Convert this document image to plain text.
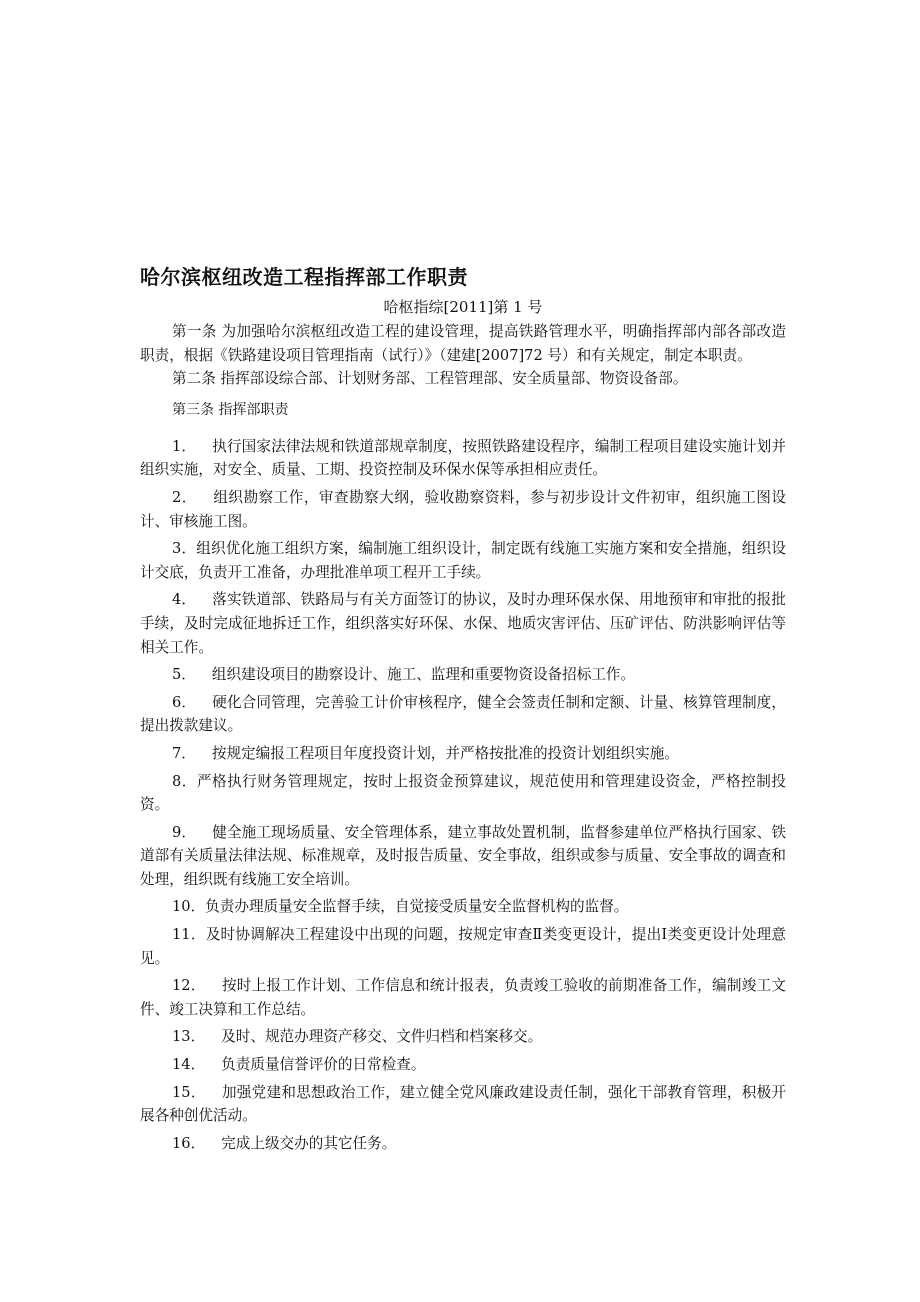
哈尔滨枢纽改造工程指挥部工作职责
哈枢指综[2011]第 1 号

第一条 为加强哈尔滨枢纽改造工程的建设管理，提高铁路管理水平，明确指挥部内部各部改造职责，根据《铁路建设项目管理指南（试行）》（建建[2007]72 号）和有关规定，制定本职责。

第二条 指挥部设综合部、计划财务部、工程管理部、安全质量部、物资设备部。

第三条 指挥部职责

1． 执行国家法律法规和铁道部规章制度，按照铁路建设程序，编制工程项目建设实施计划并组织实施，对安全、质量、工期、投资控制及环保水保等承担相应责任。

2． 组织勘察工作，审查勘察大纲，验收勘察资料，参与初步设计文件初审，组织施工图设计、审核施工图。

3．组织优化施工组织方案，编制施工组织设计，制定既有线施工实施方案和安全措施，组织设计交底，负责开工准备，办理批准单项工程开工手续。

4． 落实铁道部、铁路局与有关方面签订的协议，及时办理环保水保、用地预审和审批的报批手续，及时完成征地拆迁工作，组织落实好环保、水保、地质灾害评估、压矿评估、防洪影响评估等相关工作。

5． 组织建设项目的勘察设计、施工、监理和重要物资设备招标工作。

6． 硬化合同管理，完善验工计价审核程序，健全会签责任制和定额、计量、核算管理制度，提出拨款建议。

7． 按规定编报工程项目年度投资计划，并严格按批准的投资计划组织实施。

8．严格执行财务管理规定，按时上报资金预算建议，规范使用和管理建设资金，严格控制投资。

9． 健全施工现场质量、安全管理体系，建立事故处置机制，监督参建单位严格执行国家、铁道部有关质量法律法规、标准规章，及时报告质量、安全事故，组织或参与质量、安全事故的调查和处理，组织既有线施工安全培训。

10．负责办理质量安全监督手续，自觉接受质量安全监督机构的监督。

11．及时协调解决工程建设中出现的问题，按规定审查Ⅱ类变更设计，提出Ⅰ类变更设计处理意见。

12． 按时上报工作计划、工作信息和统计报表，负责竣工验收的前期准备工作，编制竣工文件、竣工决算和工作总结。

13． 及时、规范办理资产移交、文件归档和档案移交。

14． 负责质量信誉评价的日常检查。

15． 加强党建和思想政治工作，建立健全党风廉政建设责任制，强化干部教育管理，积极开展各种创优活动。

16． 完成上级交办的其它任务。
